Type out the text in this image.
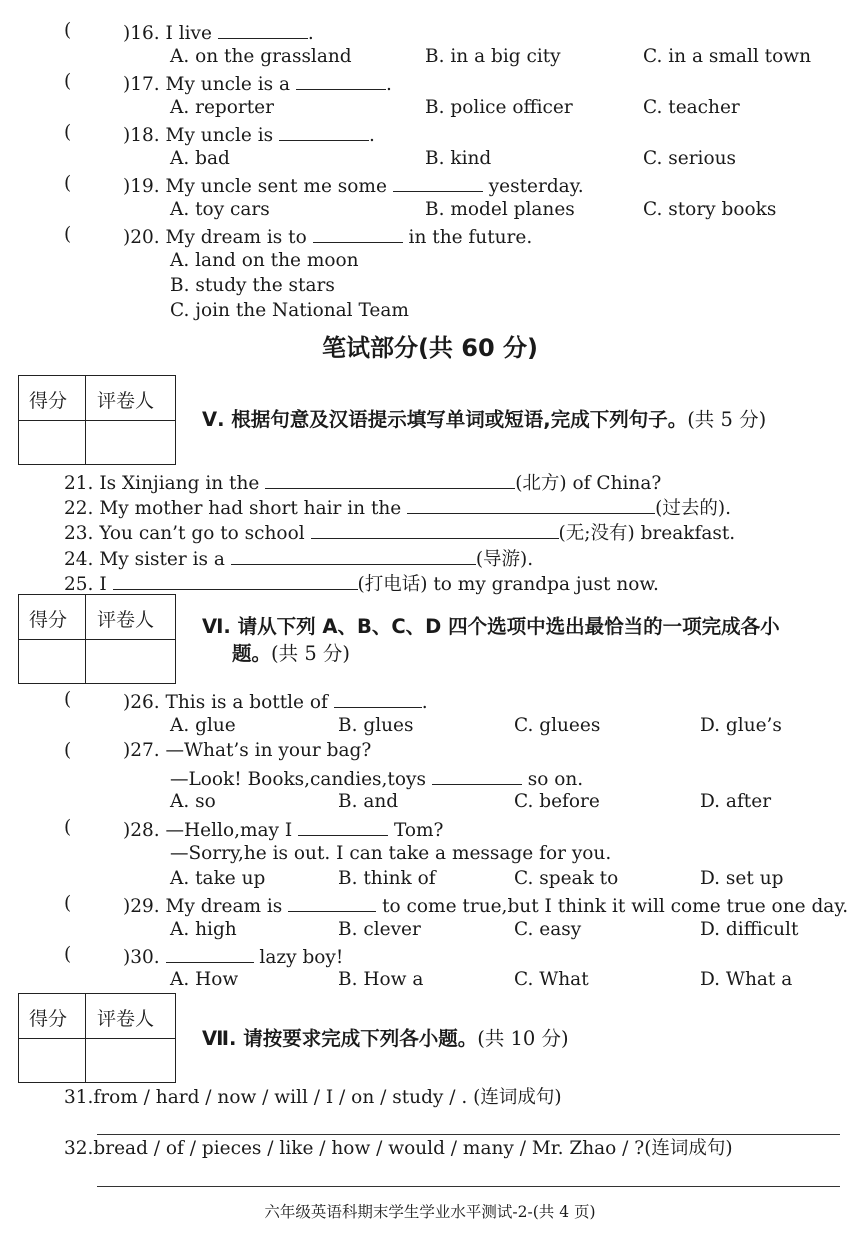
(	)16. I live	.
A. on the grassland	B. in a big city	C. in a small town
(	)17. My uncle is a	.
A. reporter	B. police officer	C. teacher
(	)18. My uncle is	.
A. bad	B. kind	C. serious
(	)19. My uncle sent me some	yesterday.
A. toy cars	B. model planes	C. story books
(	)20. My dream is to	in the future.
A. land on the moon
B. study the stars
C. join the National Team
笔试部分(共 60 分)
得分 评卷人
Ⅴ. 根据句意及汉语提示填写单词或短语,完成下列句子。(共 5 分)
21. Is Xinjiang in the	(北方) of China?
22. My mother had short hair in the	(过去的).
23. You can’t go to school	(无;没有) breakfast.
24. My sister is a	(导游).
25. I	(打电话) to my grandpa just now.
得分 评卷人 Ⅵ. 请从下列 A、B、C、D 四个选项中选出最恰当的一项完成各小
题。(共 5 分)
(	)26. This is a bottle of	.
A. glue	B. glues	C. gluees	D. glue’s
(	)27. —What’s in your bag?
—Look! Books,candies,toys	so on.
A. so	B. and	C. before	D. after
(	)28. —Hello,may I	Tom?
—Sorry,he is out. I can take a message for you.
A. take up	B. think of	C. speak to	D. set up
(	)29. My dream is	to come true,but I think it will come true one day.
A. high	B. clever	C. easy	D. difficult
(	)30.	lazy boy!
A. How	B. How a	C. What	D. What a
得分 评卷人
Ⅶ. 请按要求完成下列各小题。(共 10 分)
31.from / hard / now / will / I / on / study / . (连词成句)
32.bread / of / pieces / like / how / would / many / Mr. Zhao / ?(连词成句)
六年级英语科期末学生学业水平测试-2-(共 4 页)
